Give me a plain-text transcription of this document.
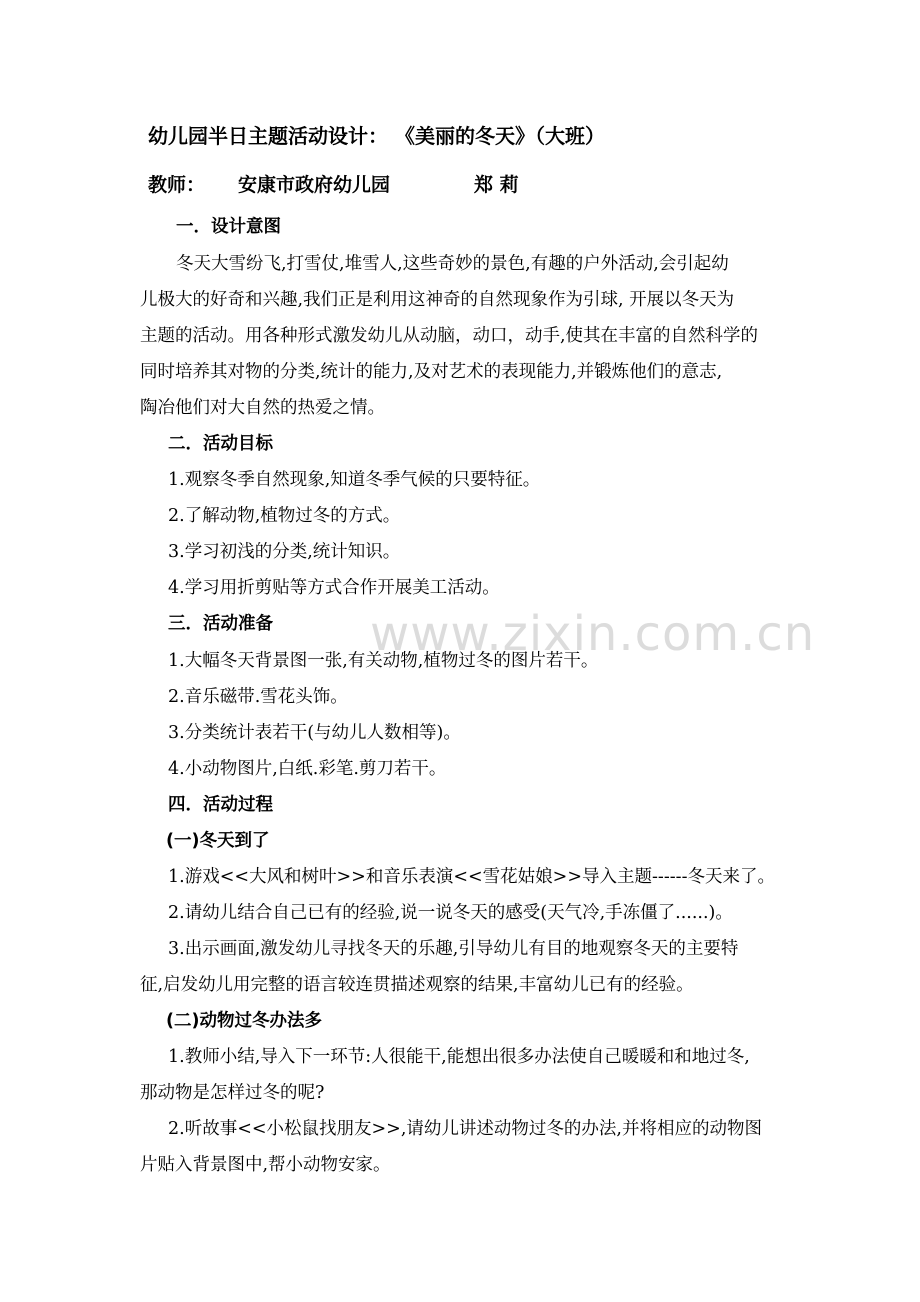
www.zixin.com.cn
幼儿园半日主题活动设计： 《美丽的冬天》（大班）
教师： 安康市政府幼儿园	郑 莉
一．设计意图
冬天大雪纷飞,打雪仗,堆雪人,这些奇妙的景色,有趣的户外活动,会引起幼
儿极大的好奇和兴趣,我们正是利用这神奇的自然现象作为引球, 开展以冬天为
主题的活动。用各种形式激发幼儿从动脑，动口，动手,使其在丰富的自然科学的
同时培养其对物的分类,统计的能力,及对艺术的表现能力,并锻炼他们的意志,
陶冶他们对大自然的热爱之情。
二．活动目标
1.观察冬季自然现象,知道冬季气候的只要特征。
2.了解动物,植物过冬的方式。
3.学习初浅的分类,统计知识。
4.学习用折剪贴等方式合作开展美工活动。
三．活动准备
1.大幅冬天背景图一张,有关动物,植物过冬的图片若干。
2.音乐磁带.雪花头饰。
3.分类统计表若干(与幼儿人数相等)。
4.小动物图片,白纸.彩笔.剪刀若干。
四．活动过程
(一)冬天到了
1.游戏<<大风和树叶>>和音乐表演<<雪花姑娘>>导入主题------冬天来了。
2.请幼儿结合自己已有的经验,说一说冬天的感受(天气冷,手冻僵了......)。
3.出示画面,激发幼儿寻找冬天的乐趣,引导幼儿有目的地观察冬天的主要特
征,启发幼儿用完整的语言较连贯描述观察的结果,丰富幼儿已有的经验。
(二)动物过冬办法多
1.教师小结,导入下一环节:人很能干,能想出很多办法使自己暖暖和和地过冬,
那动物是怎样过冬的呢?
2.听故事<<小松鼠找朋友>>,请幼儿讲述动物过冬的办法,并将相应的动物图
片贴入背景图中,帮小动物安家。
